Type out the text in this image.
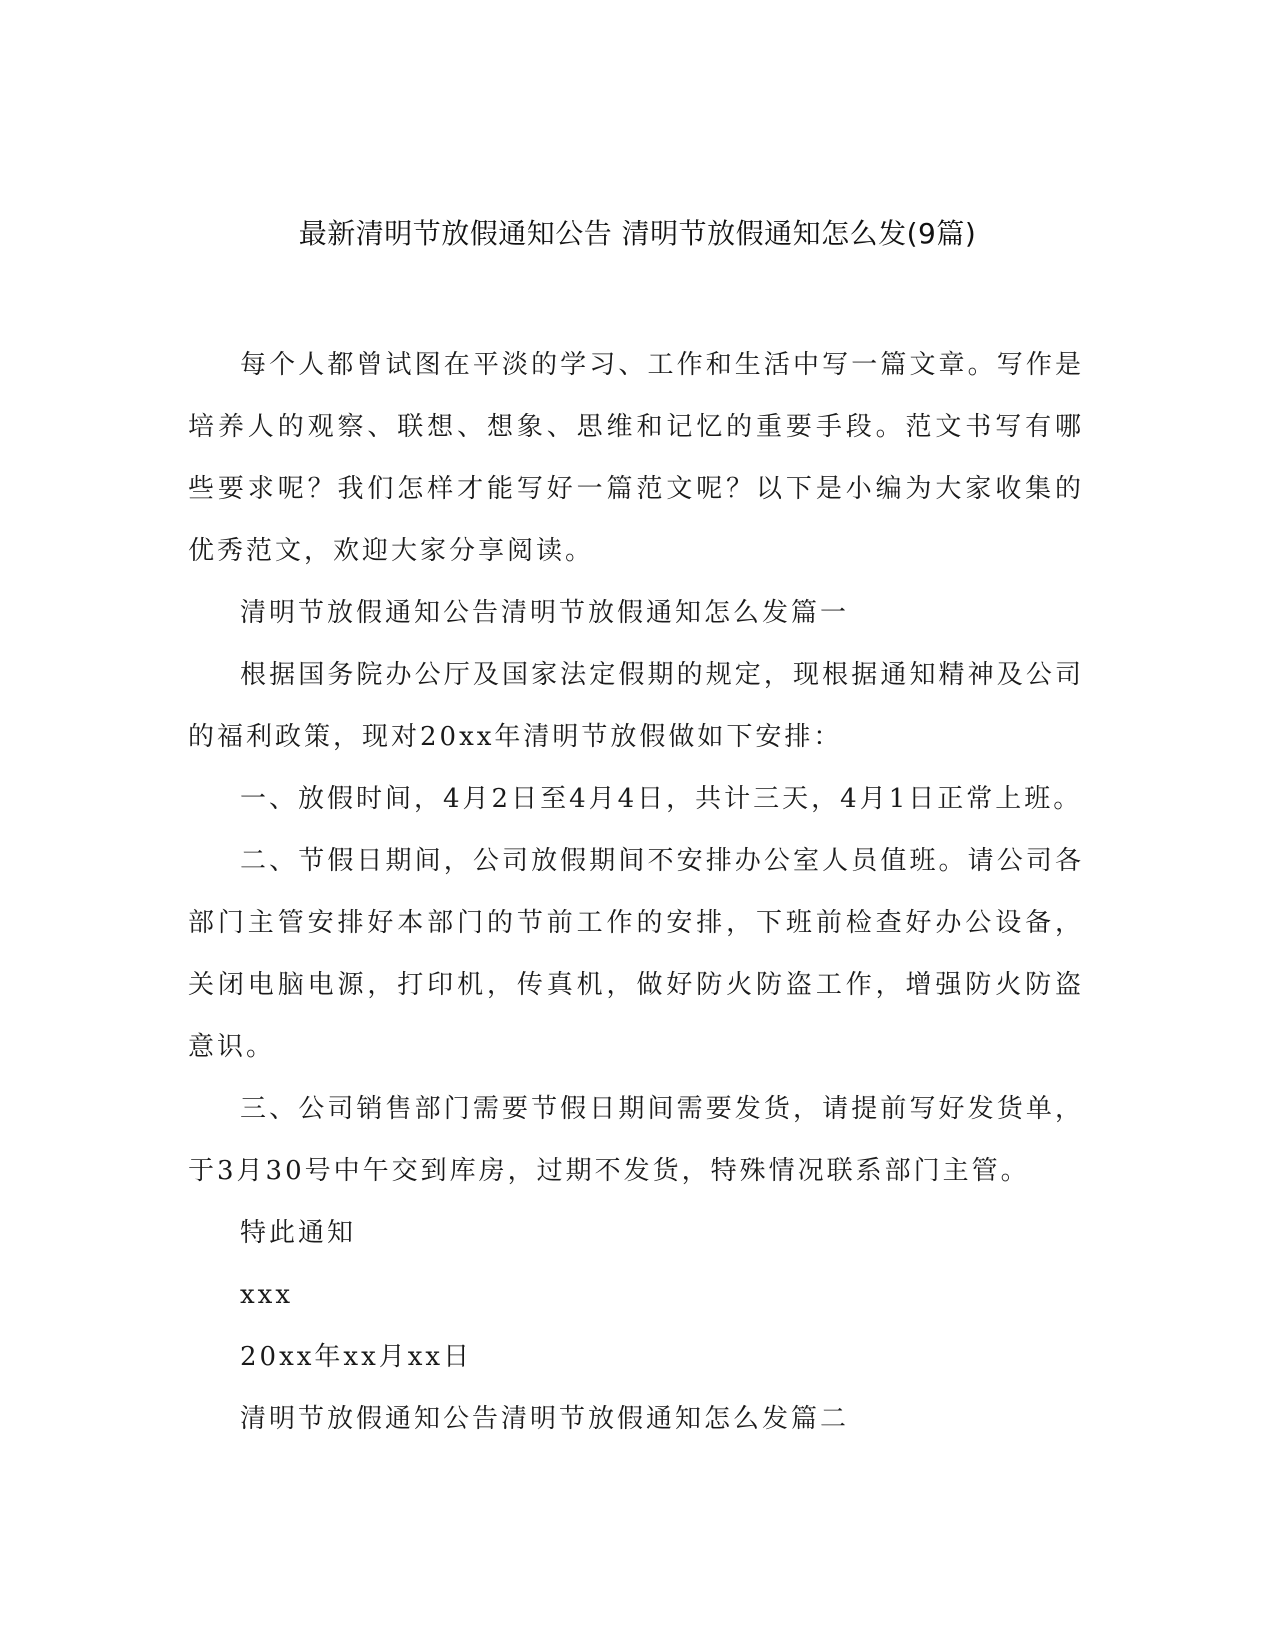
最新清明节放假通知公告 清明节放假通知怎么发(9篇)

每个人都曾试图在平淡的学习、工作和生活中写一篇文章。写作是培养人的观察、联想、想象、思维和记忆的重要手段。范文书写有哪些要求呢？我们怎样才能写好一篇范文呢？以下是小编为大家收集的优秀范文，欢迎大家分享阅读。

清明节放假通知公告清明节放假通知怎么发篇一

根据国务院办公厅及国家法定假期的规定，现根据通知精神及公司的福利政策，现对20xx年清明节放假做如下安排：

一、放假时间，4月2日至4月4日，共计三天，4月1日正常上班。

二、节假日期间，公司放假期间不安排办公室人员值班。请公司各部门主管安排好本部门的节前工作的安排，下班前检查好办公设备，关闭电脑电源，打印机，传真机，做好防火防盗工作，增强防火防盗意识。

三、公司销售部门需要节假日期间需要发货，请提前写好发货单，于3月30号中午交到库房，过期不发货，特殊情况联系部门主管。

特此通知

xxx

20xx年xx月xx日

清明节放假通知公告清明节放假通知怎么发篇二
